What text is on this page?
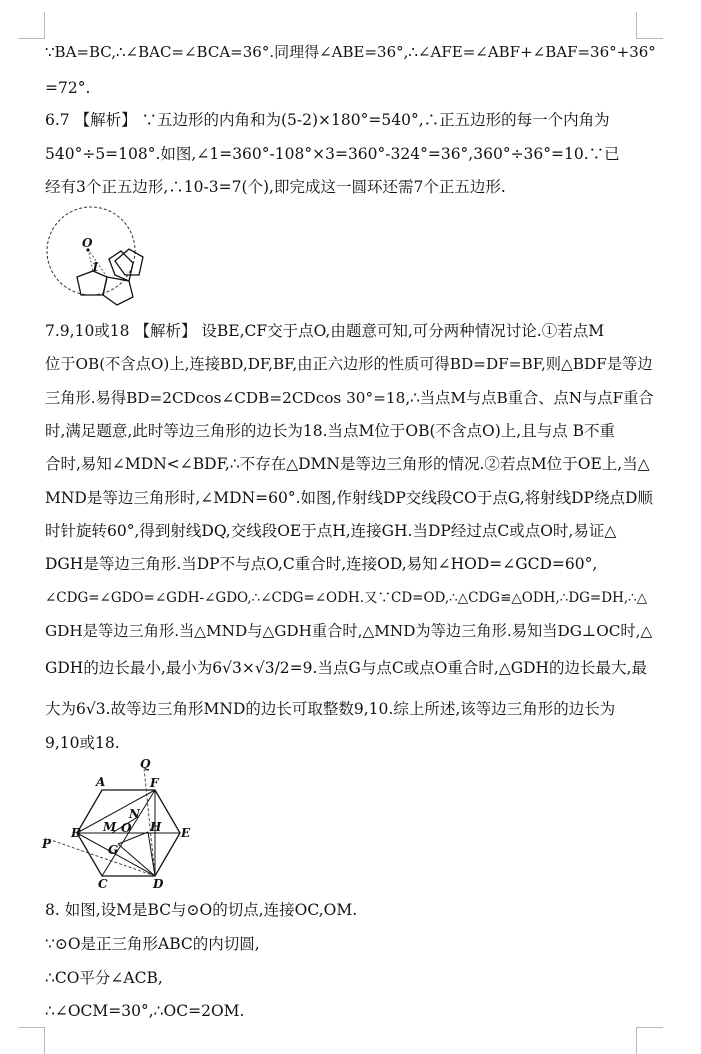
∵BA=BC,∴∠BAC=∠BCA=36°.同理得∠ABE=36°,∴∠AFE=∠ABF+∠BAF=36°+36°
=72°.
6.7 【解析】 ∵五边形的内角和为(5-2)×180°=540°,∴正五边形的每一个内角为
540°÷5=108°.如图,∠1=360°-108°×3=360°-324°=36°,360°÷36°=10.∵已
经有3个正五边形,∴10-3=7(个),即完成这一圆环还需7个正五边形.
O
1
7.9,10或18 【解析】 设BE,CF交于点O,由题意可知,可分两种情况讨论.①若点M
位于OB(不含点O)上,连接BD,DF,BF,由正六边形的性质可得BD=DF=BF,则△BDF是等边
三角形.易得BD=2CDcos∠CDB=2CDcos 30°=18,∴当点M与点B重合、点N与点F重合
时,满足题意,此时等边三角形的边长为18.当点M位于OB(不含点O)上,且与点 B不重
合时,易知∠MDN<∠BDF,∴不存在△DMN是等边三角形的情况.②若点M位于OE上,当△
MND是等边三角形时,∠MDN=60°.如图,作射线DP交线段CO于点G,将射线DP绕点D顺
时针旋转60°,得到射线DQ,交线段OE于点H,连接GH.当DP经过点C或点O时,易证△
DGH是等边三角形.当DP不与点O,C重合时,连接OD,易知∠HOD=∠GCD=60°,
∠CDG=∠GDO=∠GDH-∠GDO,∴∠CDG=∠ODH.又∵CD=OD,∴△CDG≌△ODH,∴DG=DH,∴△
GDH是等边三角形.当△MND与△GDH重合时,△MND为等边三角形.易知当DG⊥OC时,△
GDH的边长最小,最小为6√3×√3/2=9.当点G与点C或点O重合时,△GDH的边长最大,最
大为6√3.故等边三角形MND的边长可取整数9,10.综上所述,该等边三角形的边长为
9,10或18.
Q
A	F
N
M O H
B	E
P	G
C	D
8. 如图,设M是BC与⊙O的切点,连接OC,OM.
∵⊙O是正三角形ABC的内切圆,
∴CO平分∠ACB,
∴∠OCM=30°,∴OC=2OM.
